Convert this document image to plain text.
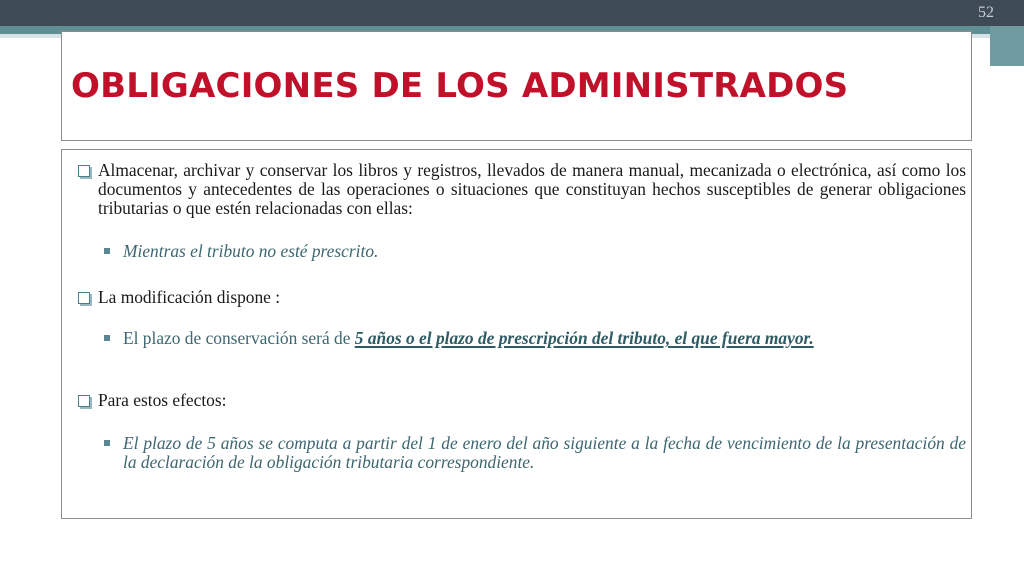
52
OBLIGACIONES DE LOS ADMINISTRADOS
Almacenar, archivar y conservar los libros y registros, llevados de manera manual, mecanizada o electrónica, así como los documentos y antecedentes de las operaciones o situaciones que constituyan hechos susceptibles de generar obligaciones tributarias o que estén relacionadas con ellas:
Mientras el tributo no esté prescrito.
La modificación dispone :
El plazo de conservación será de 5 años o el plazo de prescripción del tributo, el que fuera mayor.
Para estos efectos:
El plazo de 5 años se computa a partir del 1 de enero del año siguiente a la fecha de vencimiento de la presentación de la declaración de la obligación tributaria correspondiente.
